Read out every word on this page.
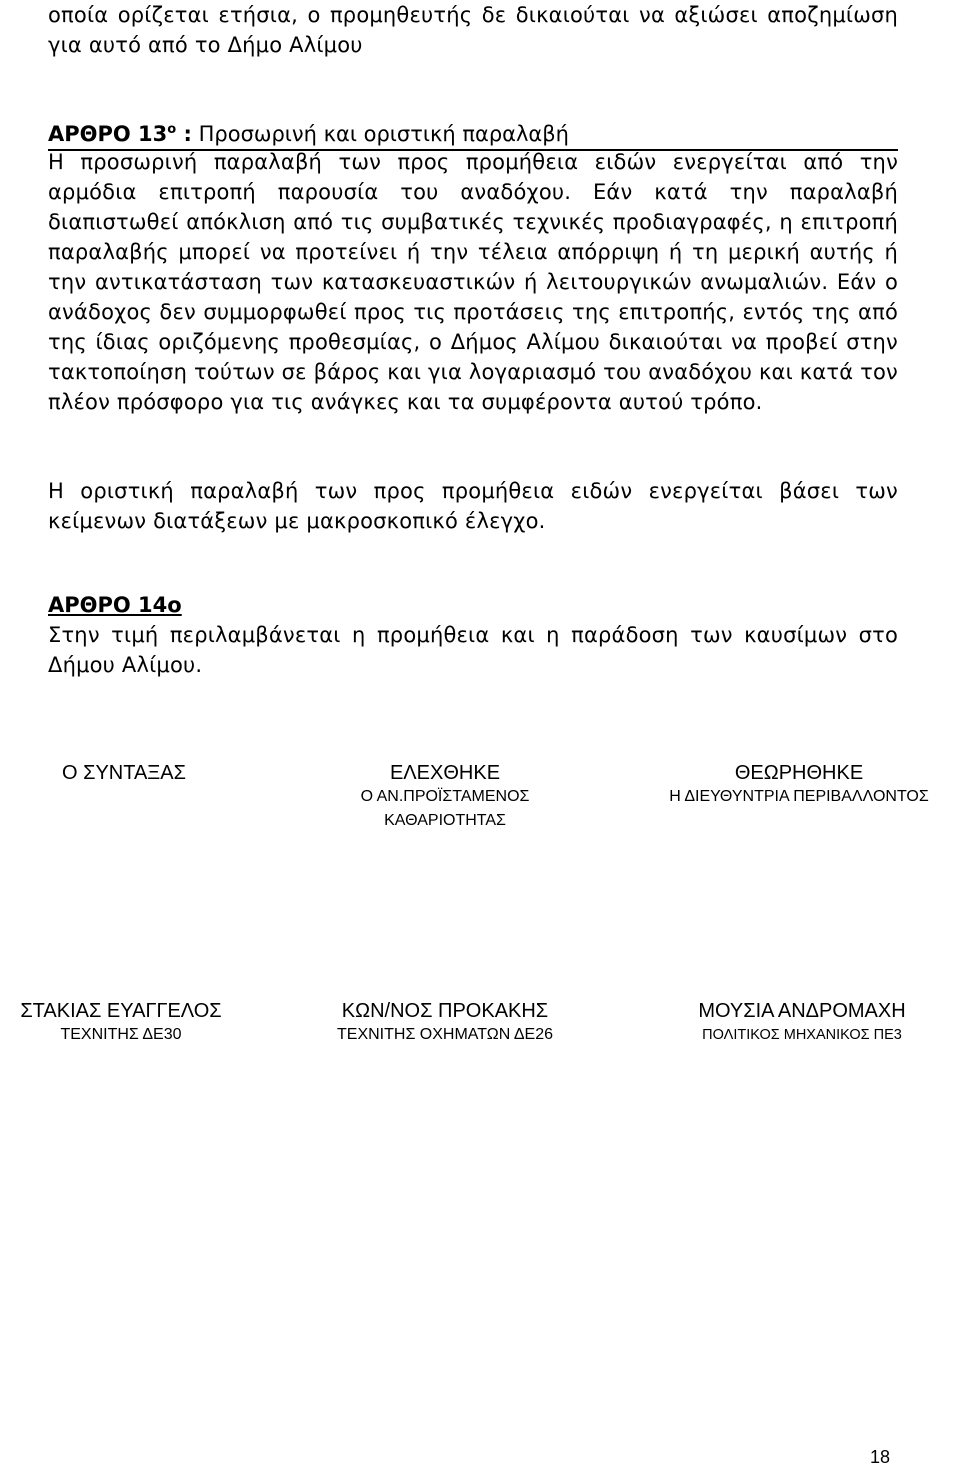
οποία ορίζεται ετήσια, ο προμηθευτής δε δικαιούται να αξιώσει αποζημίωση για αυτό από το Δήμο Αλίμου

ΑΡΘΡΟ $13^o$ : Προσωρινή και οριστική παραλαβή

Η προσωρινή παραλαβή των προς προμήθεια ειδών ενεργείται από την αρμόδια επιτροπή παρουσία του αναδόχου. Εάν κατά την παραλαβή διαπιστωθεί απόκλιση από τις συμβατικές τεχνικές προδιαγραφές, η επιτροπή παραλαβής μπορεί να προτείνει ή την τέλεια απόρριψη ή τη μερική αυτής ή την αντικατάσταση των κατασκευαστικών ή λειτουργικών ανωμαλιών. Εάν ο ανάδοχος δεν συμμορφωθεί προς τις προτάσεις της επιτροπής, εντός της από της ίδιας οριζόμενης προθεσμίας, ο Δήμος Αλίμου δικαιούται να προβεί στην τακτοποίηση τούτων σε βάρος και για λογαριασμό του αναδόχου και κατά τον πλέον πρόσφορο για τις ανάγκες και τα συμφέροντα αυτού τρόπο.

Η οριστική παραλαβή των προς προμήθεια ειδών ενεργείται βάσει των κείμενων διατάξεων με μακροσκοπικό έλεγχο.

ΑΡΘΡΟ 14ο

Στην τιμή περιλαμβάνεται η προμήθεια και η παράδοση των καυσίμων στο Δήμου Αλίμου.

Ο ΣΥΝΤΑΞΑΣ	ΕΛΕΧΘΗΚΕ
Ο ΑΝ.ΠΡΟΪΣΤΑΜΕΝΟΣ
ΚΑΘΑΡΙΟΤΗΤΑΣ
ΘΕΩΡΗΘΗΚΕ
Η ΔΙΕΥΘΥΝΤΡΙΑ ΠΕΡΙΒΑΛΛΟΝΤΟΣ
ΣΤΑΚΙΑΣ ΕΥΑΓΓΕΛΟΣ
ΤΕΧΝΙΤΗΣ ΔΕ30
ΚΩΝ/ΝΟΣ ΠΡΟΚΑΚΗΣ
ΤΕΧΝΙΤΗΣ ΟΧΗΜΑΤΩΝ ΔΕ26
ΜΟΥΣΙΑ ΑΝΔΡΟΜΑΧΗ
ΠΟΛΙΤΙΚΟΣ ΜΗΧΑΝΙΚΟΣ ΠΕ3
18
